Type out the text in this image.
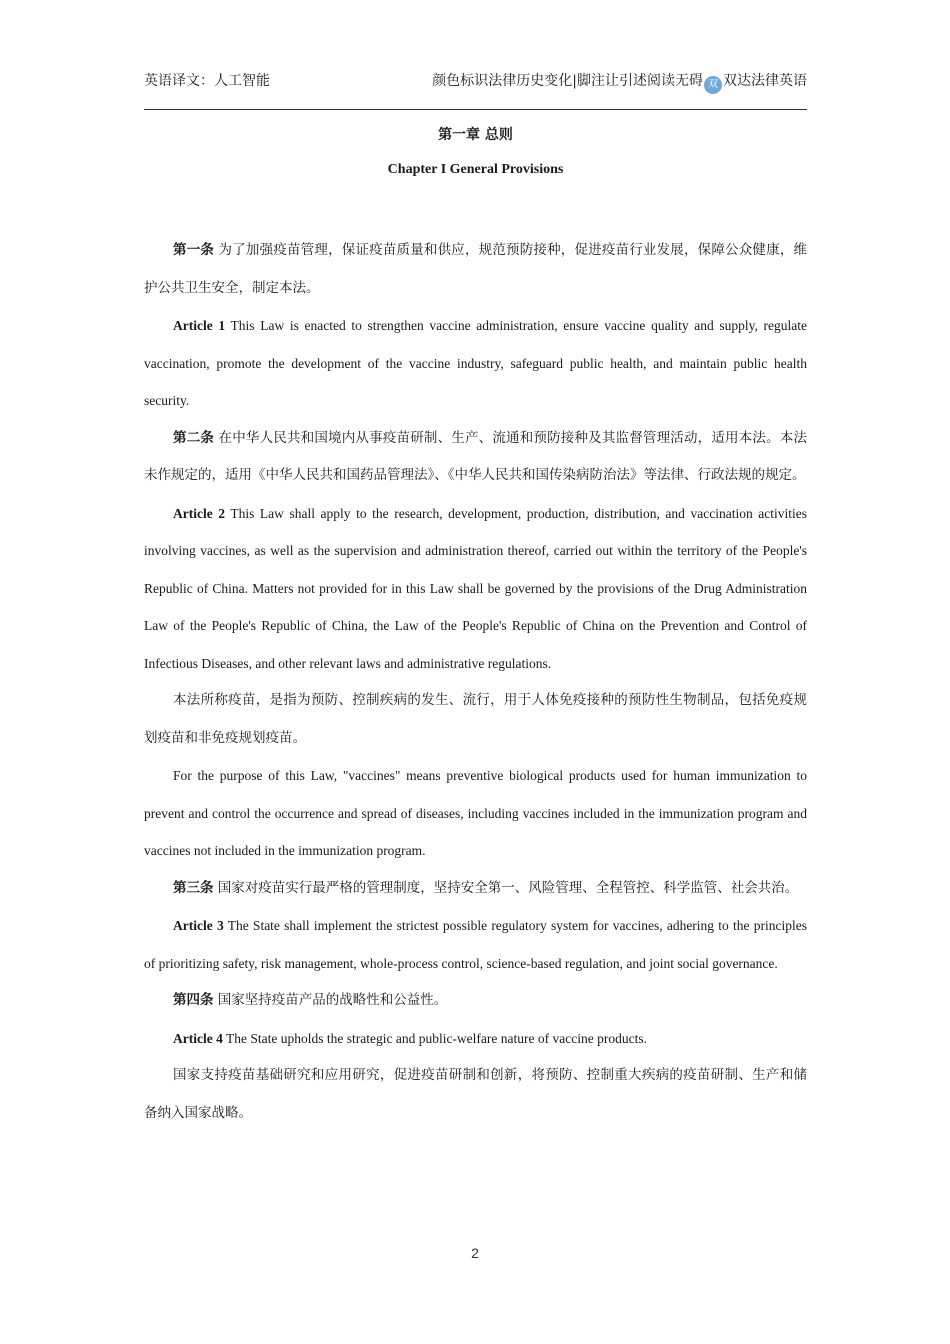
英语译文：人工智能	颜色标识法律历史变化|脚注让引述阅读无碍 双 双达法律英语
第一章 总则
Chapter I General Provisions

第一条 为了加强疫苗管理，保证疫苗质量和供应，规范预防接种，促进疫苗行业发展，保障公众健康，维护公共卫生安全，制定本法。

Article 1 This Law is enacted to strengthen vaccine administration, ensure vaccine quality and supply, regulate vaccination, promote the development of the vaccine industry, safeguard public health, and maintain public health security.

第二条 在中华人民共和国境内从事疫苗研制、生产、流通和预防接种及其监督管理活动，适用本法。本法未作规定的，适用《中华人民共和国药品管理法》、《中华人民共和国传染病防治法》等法律、行政法规的规定。

Article 2 This Law shall apply to the research, development, production, distribution, and vaccination activities involving vaccines, as well as the supervision and administration thereof, carried out within the territory of the People's Republic of China. Matters not provided for in this Law shall be governed by the provisions of the Drug Administration Law of the People's Republic of China, the Law of the People's Republic of China on the Prevention and Control of Infectious Diseases, and other relevant laws and administrative regulations.

本法所称疫苗，是指为预防、控制疾病的发生、流行，用于人体免疫接种的预防性生物制品，包括免疫规划疫苗和非免疫规划疫苗。

For the purpose of this Law, "vaccines" means preventive biological products used for human immunization to prevent and control the occurrence and spread of diseases, including vaccines included in the immunization program and vaccines not included in the immunization program.

第三条 国家对疫苗实行最严格的管理制度，坚持安全第一、风险管理、全程管控、科学监管、社会共治。

Article 3 The State shall implement the strictest possible regulatory system for vaccines, adhering to the principles of prioritizing safety, risk management, whole-process control, science-based regulation, and joint social governance.

第四条 国家坚持疫苗产品的战略性和公益性。

Article 4 The State upholds the strategic and public-welfare nature of vaccine products.

国家支持疫苗基础研究和应用研究，促进疫苗研制和创新，将预防、控制重大疾病的疫苗研制、生产和储备纳入国家战略。

2
